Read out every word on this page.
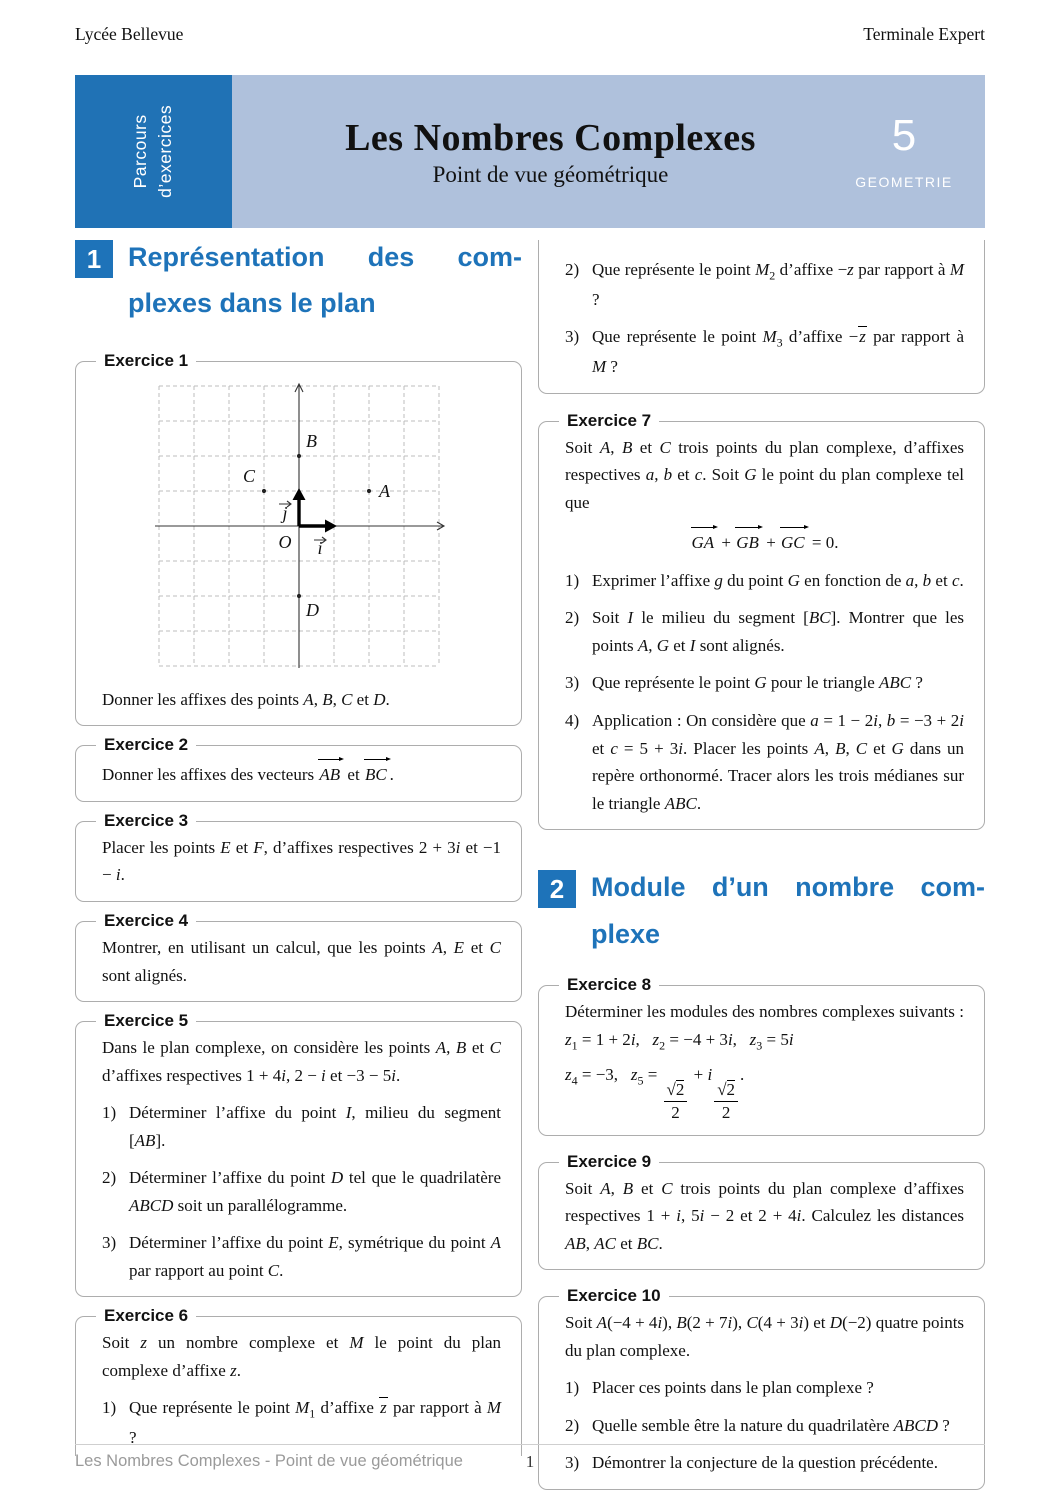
Lycée Bellevue	Terminale Expert
Parcours d’exercices	Les Nombres Complexes
Point de vue géométrique
5
GEOMETRIE
1 Représentation des com-
plexes dans le plan
Exercice 1
O i
j
A
B
C
D

Donner les affixes des points A, B, C et D.

Exercice 2

Donner les affixes des vecteurs AB et BC .

Exercice 3

Placer les points E et F, d’affixes respectives 2 + 3i et −1 − i.

Exercice 4

Montrer, en utilisant un calcul, que les points A, E et C sont alignés.

Exercice 5

Dans le plan complexe, on considère les points A, B et C d’affixes respectives 1 + 4i, 2 − i et −3 − 5i.

1) Déterminer l’affixe du point I, milieu du segment [AB].
2) Déterminer l’affixe du point D tel que le quadrilatère ABCD soit un parallélogramme.
3) Déterminer l’affixe du point E, symétrique du point A par rapport au point C.
Exercice 6

Soit z un nombre complexe et M le point du plan complexe d’affixe z.

1) Que représente le point $M_1$ d’affixe z par rapport à M ?
2) Que représente le point $M_2$ d’affixe −z par rapport à M ?
3) Que représente le point $M_3$ d’affixe −z par rapport à M ?
Exercice 7

Soit A, B et C trois points du plan complexe, d’affixes respectives a, b et c. Soit G le point du plan complexe tel que

GA + GB + GC = 0.
1) Exprimer l’affixe g du point G en fonction de a, b et c.
2) Soit I le milieu du segment [BC]. Montrer que les points A, G et I sont alignés.
3) Que représente le point G pour le triangle ABC ?
4) Application : On considère que a = 1 − 2i, b = −3 + 2i et c = 5 + 3i. Placer les points A, B, C et G dans un repère orthonormé. Tracer alors les trois médianes sur le triangle ABC.
2 Module d’un nombre com-
plexe
Exercice 8

Déterminer les modules des nombres complexes suivants : $z_1 = 1 + 2i$,   $z_2 = -4 + 3i$,   $z_3 = 5i$

$z_4 = -3$,   $z_5$ =
$\frac{√2}{2}$
+ i
$\frac{√2}{2}$
.
Exercice 9

Soit A, B et C trois points du plan complexe d’affixes respectives 1 + i, 5i − 2 et 2 + 4i. Calculez les distances AB, AC et BC.

Exercice 10

Soit A(−4 + 4i), B(2 + 7i), C(4 + 3i) et D(−2) quatre points du plan complexe.

1) Placer ces points dans le plan complexe ?
2) Quelle semble être la nature du quadrilatère ABCD ?
3) Démontrer la conjecture de la question précédente.
Les Nombres Complexes - Point de vue géométrique	1
